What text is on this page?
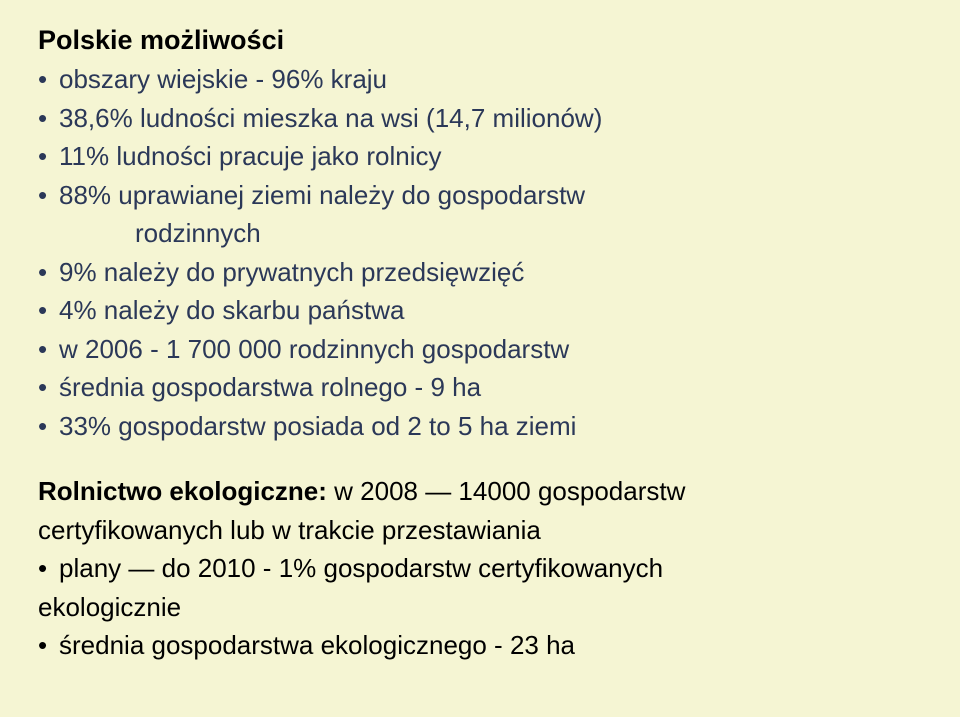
Polskie możliwości
• obszary wiejskie - 96% kraju
• 38,6% ludności mieszka na wsi (14,7 milionów)
• 11% ludności pracuje jako rolnicy
• 88% uprawianej ziemi należy do gospodarstw
rodzinnych
• 9% należy do prywatnych przedsięwzięć
• 4% należy do skarbu państwa
• w 2006 - 1 700 000 rodzinnych gospodarstw
• średnia gospodarstwa rolnego - 9 ha
• 33% gospodarstw posiada od 2 to 5 ha ziemi
Rolnictwo ekologiczne: w 2008 — 14000 gospodarstw
certyfikowanych lub w trakcie przestawiania
• plany — do 2010 - 1% gospodarstw certyfikowanych
ekologicznie
• średnia gospodarstwa ekologicznego - 23 ha
